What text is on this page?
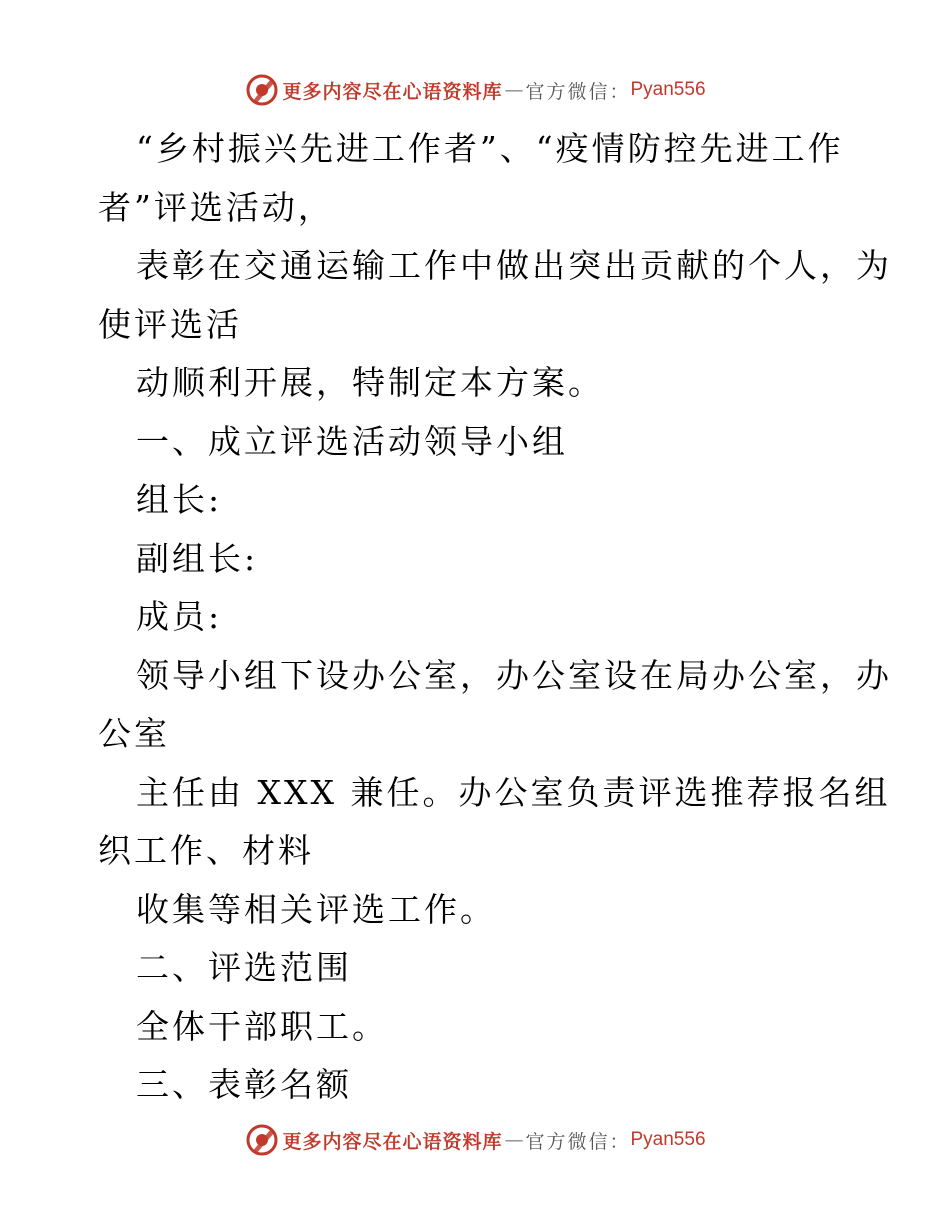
更多内容尽在心语资料库 — 官方微信： Pyan556
“乡村振兴先进工作者”、“疫情防控先进工作
者”评选活动，
表彰在交通运输工作中做出突出贡献的个人，为
使评选活
动顺利开展，特制定本方案。
一、成立评选活动领导小组
组长:
副组长:
成员:
领导小组下设办公室，办公室设在局办公室，办
公室
主任由 XXX 兼任。办公室负责评选推荐报名组
织工作、材料
收集等相关评选工作。
二、评选范围
全体干部职工。
三、表彰名额
更多内容尽在心语资料库 — 官方微信： Pyan556
